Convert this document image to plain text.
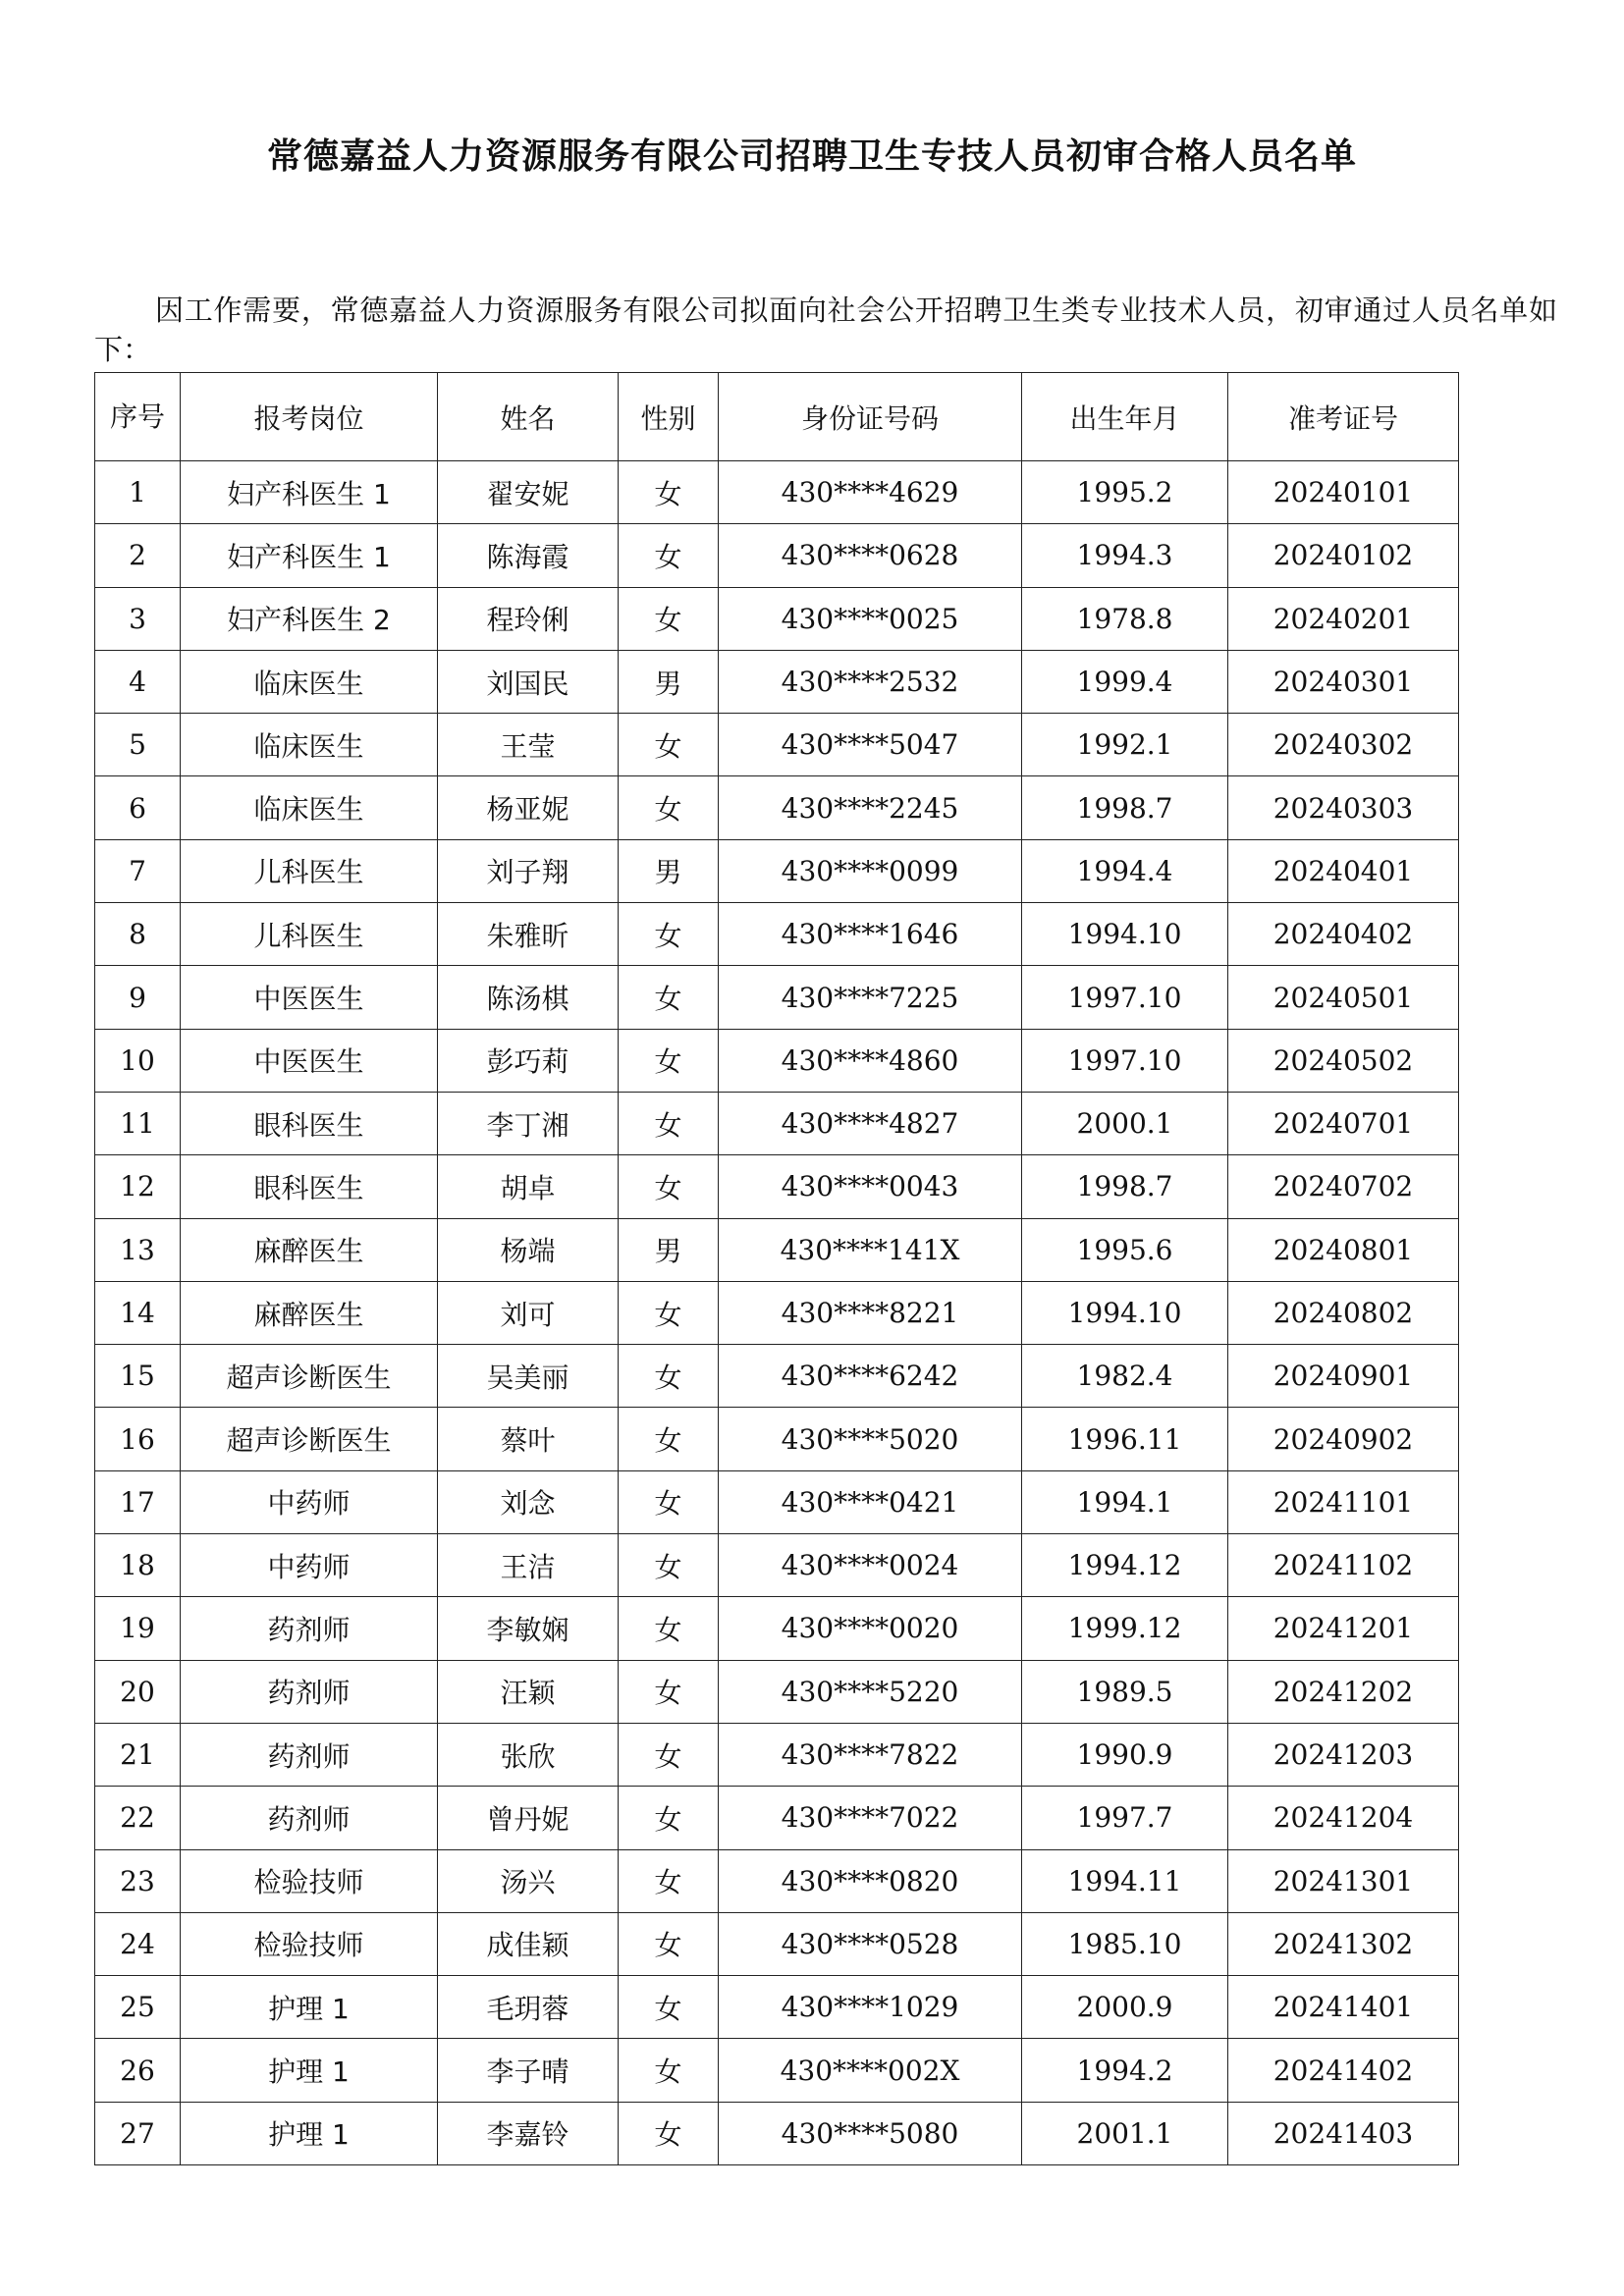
常德嘉益人力资源服务有限公司招聘卫生专技人员初审合格人员名单
因工作需要，常德嘉益人力资源服务有限公司拟面向社会公开招聘卫生类专业技术人员，初审通过人员名单如下：
序号	报考岗位	姓名	性别	身份证号码	出生年月	准考证号
1	妇产科医生 1	翟安妮	女	430****4629	1995.2	20240101
2	妇产科医生 1	陈海霞	女	430****0628	1994.3	20240102
3	妇产科医生 2	程玲俐	女	430****0025	1978.8	20240201
4	临床医生	刘国民	男	430****2532	1999.4	20240301
5	临床医生	王莹	女	430****5047	1992.1	20240302
6	临床医生	杨亚妮	女	430****2245	1998.7	20240303
7	儿科医生	刘子翔	男	430****0099	1994.4	20240401
8	儿科医生	朱雅昕	女	430****1646	1994.10	20240402
9	中医医生	陈汤棋	女	430****7225	1997.10	20240501
10	中医医生	彭巧莉	女	430****4860	1997.10	20240502
11	眼科医生	李丁湘	女	430****4827	2000.1	20240701
12	眼科医生	胡卓	女	430****0043	1998.7	20240702
13	麻醉医生	杨端	男	430****141X	1995.6	20240801
14	麻醉医生	刘可	女	430****8221	1994.10	20240802
15	超声诊断医生	吴美丽	女	430****6242	1982.4	20240901
16	超声诊断医生	蔡叶	女	430****5020	1996.11	20240902
17	中药师	刘念	女	430****0421	1994.1	20241101
18	中药师	王洁	女	430****0024	1994.12	20241102
19	药剂师	李敏娴	女	430****0020	1999.12	20241201
20	药剂师	汪颖	女	430****5220	1989.5	20241202
21	药剂师	张欣	女	430****7822	1990.9	20241203
22	药剂师	曾丹妮	女	430****7022	1997.7	20241204
23	检验技师	汤兴	女	430****0820	1994.11	20241301
24	检验技师	成佳颖	女	430****0528	1985.10	20241302
25	护理 1	毛玥蓉	女	430****1029	2000.9	20241401
26	护理 1	李子晴	女	430****002X	1994.2	20241402
27	护理 1	李嘉铃	女	430****5080	2001.1	20241403
